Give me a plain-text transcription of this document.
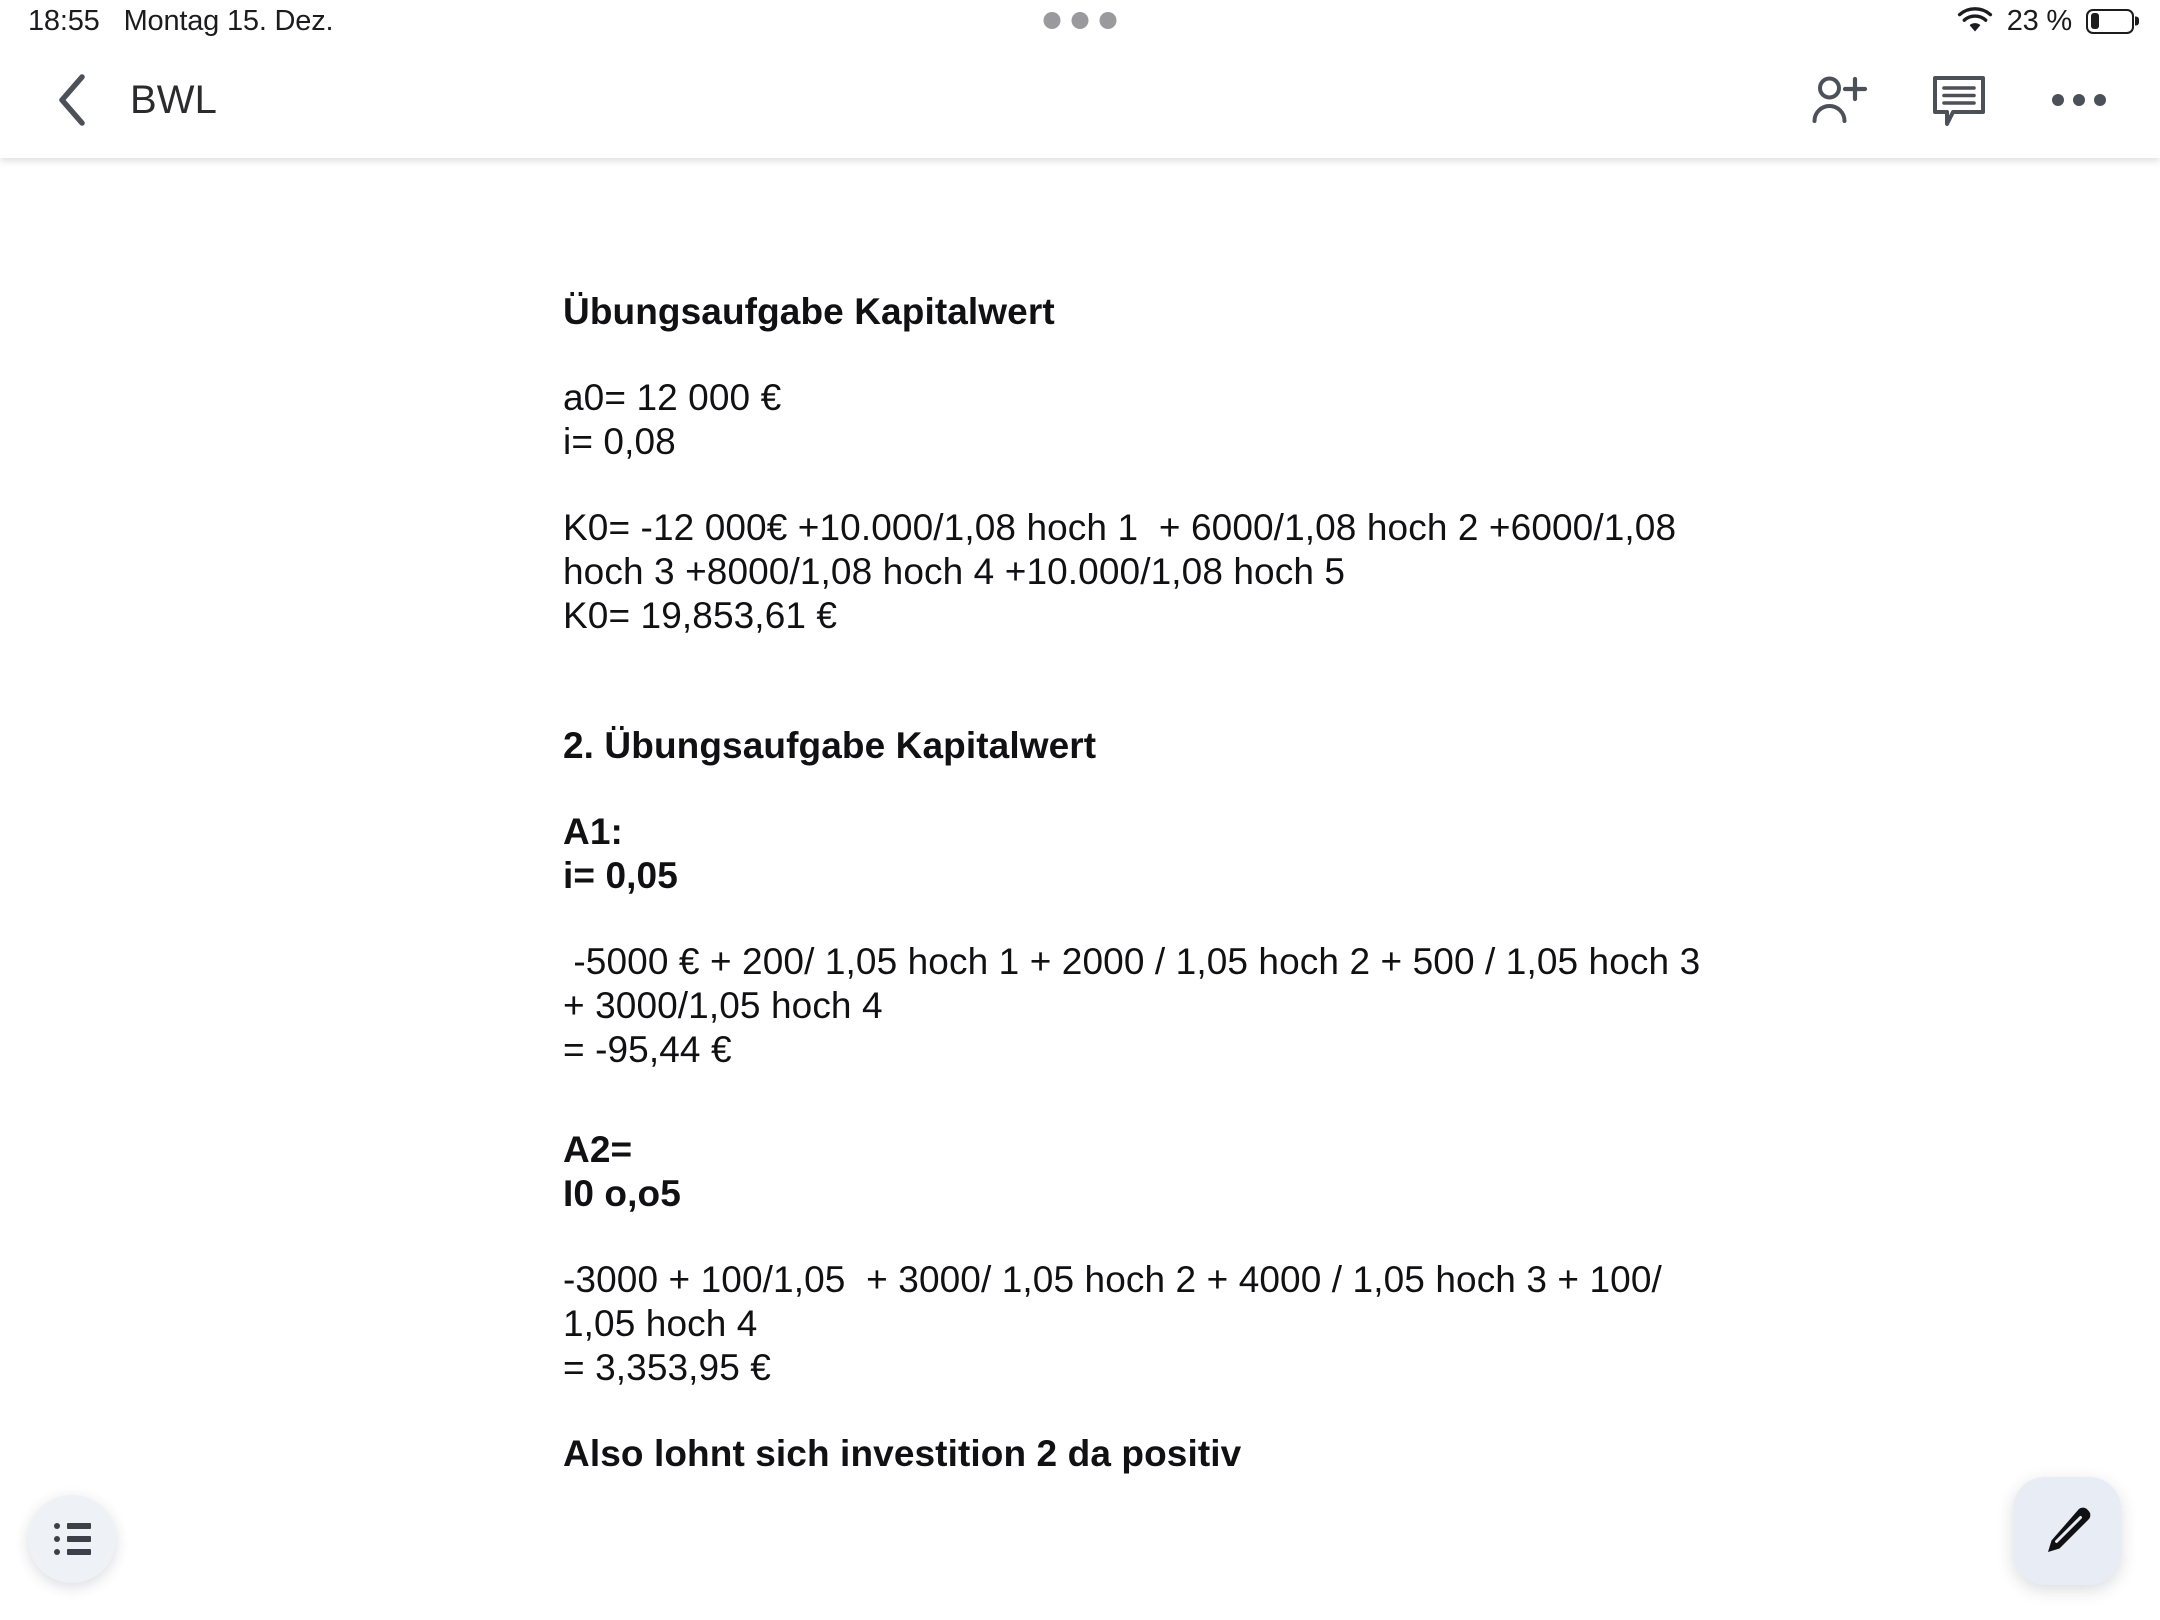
18:55 Montag 15. Dez.	23 %
BWL
Übungsaufgabe Kapitalwert
a0= 12 000 €
i= 0,08
K0= -12 000€ +10.000/1,08 hoch 1  + 6000/1,08 hoch 2 +6000/1,08 hoch 3 +8000/1,08 hoch 4 +10.000/1,08 hoch 5
K0= 19,853,61 €
2. Übungsaufgabe Kapitalwert
A1:
i= 0,05
-5000 € + 200/ 1,05 hoch 1 + 2000 / 1,05 hoch 2 + 500 / 1,05 hoch 3 + 3000/1,05 hoch 4
= -95,44 €
A2=
I0 o,o5
-3000 + 100/1,05  + 3000/ 1,05 hoch 2 + 4000 / 1,05 hoch 3 + 100/ 1,05 hoch 4
= 3,353,95 €
Also lohnt sich investition 2 da positiv
